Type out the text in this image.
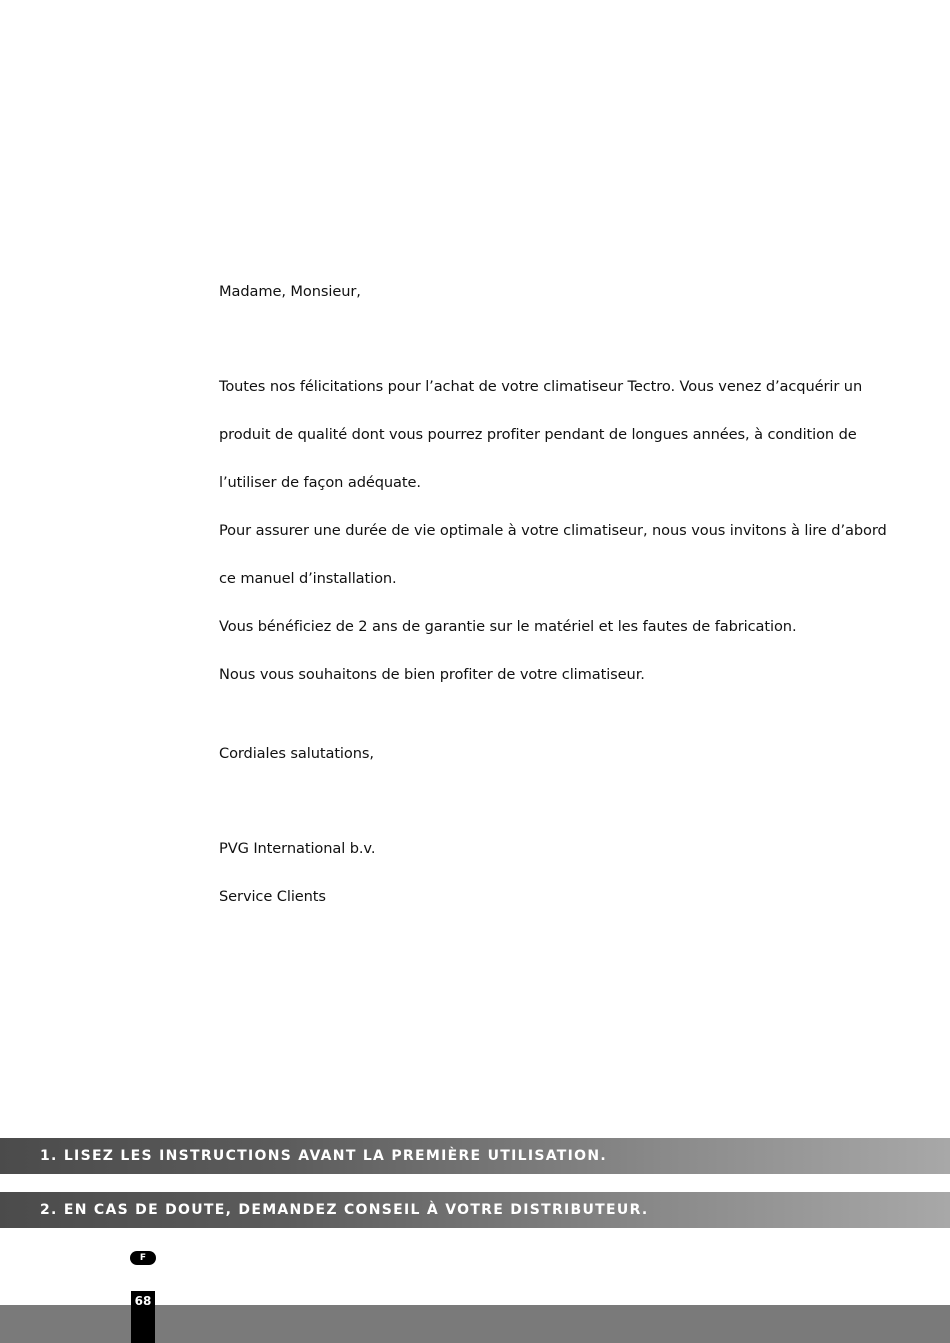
Madame, Monsieur,

Toutes nos félicitations pour l’achat de votre climatiseur Tectro. Vous venez d’acquérir un

produit de qualité dont vous pourrez profiter pendant de longues années, à condition de

l’utiliser de façon adéquate.

Pour assurer une durée de vie optimale à votre climatiseur, nous vous invitons à lire d’abord

ce manuel d’installation.

Vous bénéficiez de 2 ans de garantie sur le matériel et les fautes de fabrication.

Nous vous souhaitons de bien profiter de votre climatiseur.

Cordiales salutations,

PVG International b.v.

Service Clients

1. LISEZ LES INSTRUCTIONS AVANT LA PREMIÈRE UTILISATION.
2. EN CAS DE DOUTE, DEMANDEZ CONSEIL À VOTRE DISTRIBUTEUR.
F
68
